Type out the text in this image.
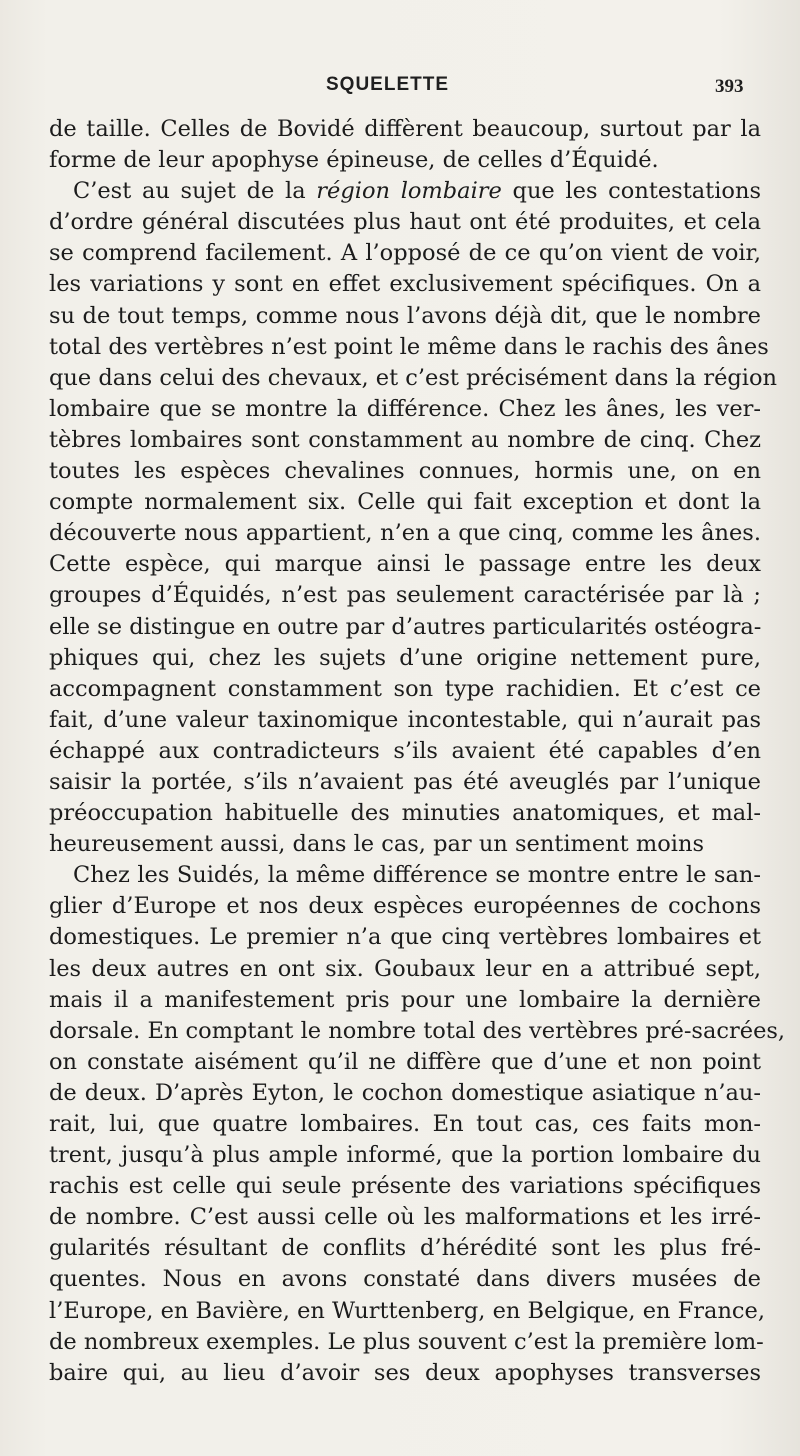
SQUELETTE	393
de taille. Celles de Bovidé diffèrent beaucoup, surtout par la
forme de leur apophyse épineuse, de celles d’Équidé.
C’est au sujet de la région lombaire que les contestations
d’ordre général discutées plus haut ont été produites, et cela
se comprend facilement. A l’opposé de ce qu’on vient de voir,
les variations y sont en effet exclusivement spécifiques. On a
su de tout temps, comme nous l’avons déjà dit, que le nombre
total des vertèbres n’est point le même dans le rachis des ânes
que dans celui des chevaux, et c’est précisément dans la région
lombaire que se montre la différence. Chez les ânes, les ver-
tèbres lombaires sont constamment au nombre de cinq. Chez
toutes les espèces chevalines connues, hormis une, on en
compte normalement six. Celle qui fait exception et dont la
découverte nous appartient, n’en a que cinq, comme les ânes.
Cette espèce, qui marque ainsi le passage entre les deux
groupes d’Équidés, n’est pas seulement caractérisée par là ;
elle se distingue en outre par d’autres particularités ostéogra-
phiques qui, chez les sujets d’une origine nettement pure,
accompagnent constamment son type rachidien. Et c’est ce
fait, d’une valeur taxinomique incontestable, qui n’aurait pas
échappé aux contradicteurs s’ils avaient été capables d’en
saisir la portée, s’ils n’avaient pas été aveuglés par l’unique
préoccupation habituelle des minuties anatomiques, et mal-
heureusement aussi, dans le cas, par un sentiment moins
Chez les Suidés, la même différence se montre entre le san-
glier d’Europe et nos deux espèces européennes de cochons
domestiques. Le premier n’a que cinq vertèbres lombaires et
les deux autres en ont six. Goubaux leur en a attribué sept,
mais il a manifestement pris pour une lombaire la dernière
dorsale. En comptant le nombre total des vertèbres pré-sacrées,
on constate aisément qu’il ne diffère que d’une et non point
de deux. D’après Eyton, le cochon domestique asiatique n’au-
rait, lui, que quatre lombaires. En tout cas, ces faits mon-
trent, jusqu’à plus ample informé, que la portion lombaire du
rachis est celle qui seule présente des variations spécifiques
de nombre. C’est aussi celle où les malformations et les irré-
gularités résultant de conflits d’hérédité sont les plus fré-
quentes. Nous en avons constaté dans divers musées de
l’Europe, en Bavière, en Wurttenberg, en Belgique, en France,
de nombreux exemples. Le plus souvent c’est la première lom-
baire qui, au lieu d’avoir ses deux apophyses transverses
